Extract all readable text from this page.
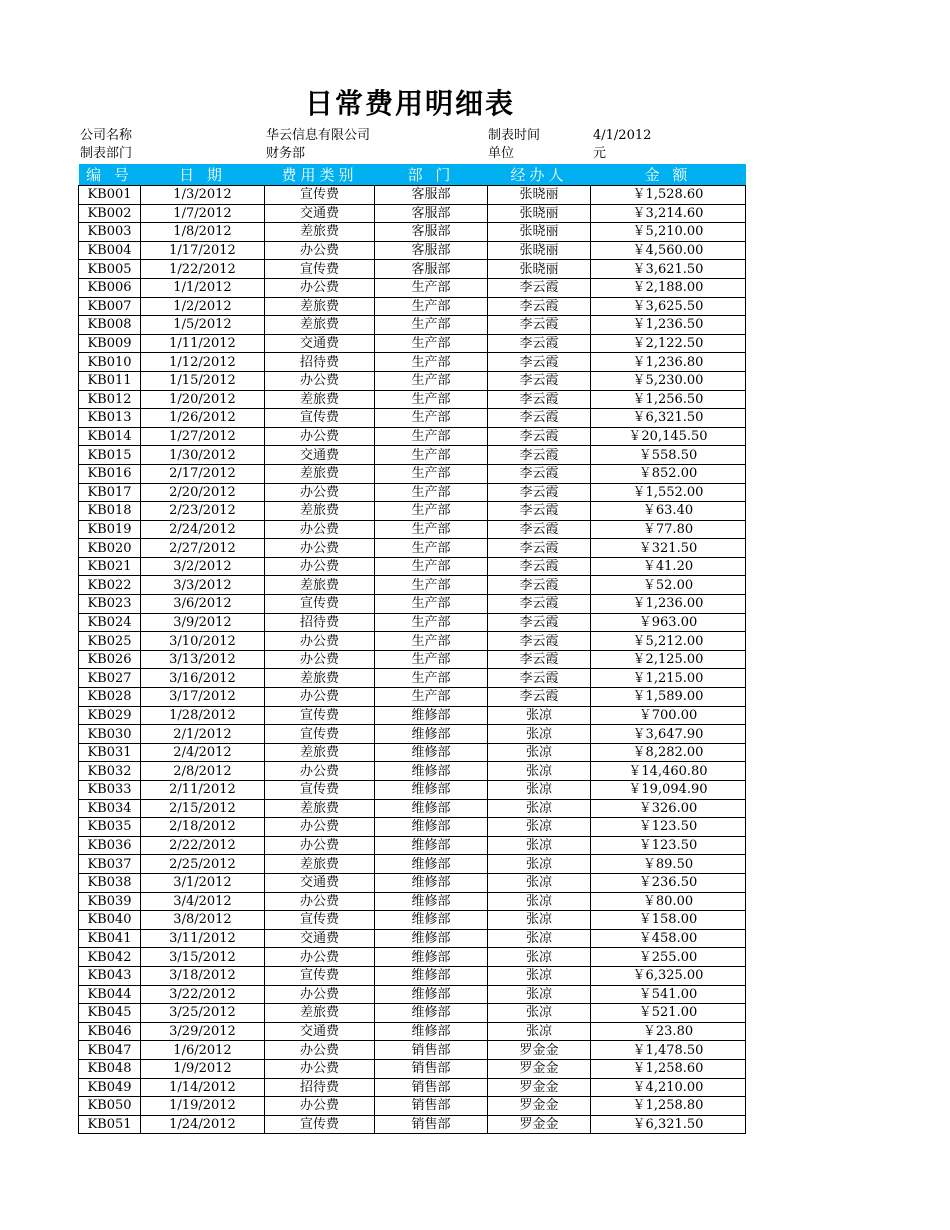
日常费用明细表
公司名称	华云信息有限公司	制表时间	4/1/2012
制表部门	财务部	单位	元
编 号	日 期	费用类别	部 门	经办人	金 额
KB001	1/3/2012	宣传费	客服部	张晓丽	￥1,528.60
KB002	1/7/2012	交通费	客服部	张晓丽	￥3,214.60
KB003	1/8/2012	差旅费	客服部	张晓丽	￥5,210.00
KB004	1/17/2012	办公费	客服部	张晓丽	￥4,560.00
KB005	1/22/2012	宣传费	客服部	张晓丽	￥3,621.50
KB006	1/1/2012	办公费	生产部	李云霞	￥2,188.00
KB007	1/2/2012	差旅费	生产部	李云霞	￥3,625.50
KB008	1/5/2012	差旅费	生产部	李云霞	￥1,236.50
KB009	1/11/2012	交通费	生产部	李云霞	￥2,122.50
KB010	1/12/2012	招待费	生产部	李云霞	￥1,236.80
KB011	1/15/2012	办公费	生产部	李云霞	￥5,230.00
KB012	1/20/2012	差旅费	生产部	李云霞	￥1,256.50
KB013	1/26/2012	宣传费	生产部	李云霞	￥6,321.50
KB014	1/27/2012	办公费	生产部	李云霞	￥20,145.50
KB015	1/30/2012	交通费	生产部	李云霞	￥558.50
KB016	2/17/2012	差旅费	生产部	李云霞	￥852.00
KB017	2/20/2012	办公费	生产部	李云霞	￥1,552.00
KB018	2/23/2012	差旅费	生产部	李云霞	￥63.40
KB019	2/24/2012	办公费	生产部	李云霞	￥77.80
KB020	2/27/2012	办公费	生产部	李云霞	￥321.50
KB021	3/2/2012	办公费	生产部	李云霞	￥41.20
KB022	3/3/2012	差旅费	生产部	李云霞	￥52.00
KB023	3/6/2012	宣传费	生产部	李云霞	￥1,236.00
KB024	3/9/2012	招待费	生产部	李云霞	￥963.00
KB025	3/10/2012	办公费	生产部	李云霞	￥5,212.00
KB026	3/13/2012	办公费	生产部	李云霞	￥2,125.00
KB027	3/16/2012	差旅费	生产部	李云霞	￥1,215.00
KB028	3/17/2012	办公费	生产部	李云霞	￥1,589.00
KB029	1/28/2012	宣传费	维修部	张凉	￥700.00
KB030	2/1/2012	宣传费	维修部	张凉	￥3,647.90
KB031	2/4/2012	差旅费	维修部	张凉	￥8,282.00
KB032	2/8/2012	办公费	维修部	张凉	￥14,460.80
KB033	2/11/2012	宣传费	维修部	张凉	￥19,094.90
KB034	2/15/2012	差旅费	维修部	张凉	￥326.00
KB035	2/18/2012	办公费	维修部	张凉	￥123.50
KB036	2/22/2012	办公费	维修部	张凉	￥123.50
KB037	2/25/2012	差旅费	维修部	张凉	￥89.50
KB038	3/1/2012	交通费	维修部	张凉	￥236.50
KB039	3/4/2012	办公费	维修部	张凉	￥80.00
KB040	3/8/2012	宣传费	维修部	张凉	￥158.00
KB041	3/11/2012	交通费	维修部	张凉	￥458.00
KB042	3/15/2012	办公费	维修部	张凉	￥255.00
KB043	3/18/2012	宣传费	维修部	张凉	￥6,325.00
KB044	3/22/2012	办公费	维修部	张凉	￥541.00
KB045	3/25/2012	差旅费	维修部	张凉	￥521.00
KB046	3/29/2012	交通费	维修部	张凉	￥23.80
KB047	1/6/2012	办公费	销售部	罗金金	￥1,478.50
KB048	1/9/2012	办公费	销售部	罗金金	￥1,258.60
KB049	1/14/2012	招待费	销售部	罗金金	￥4,210.00
KB050	1/19/2012	办公费	销售部	罗金金	￥1,258.80
KB051	1/24/2012	宣传费	销售部	罗金金	￥6,321.50
